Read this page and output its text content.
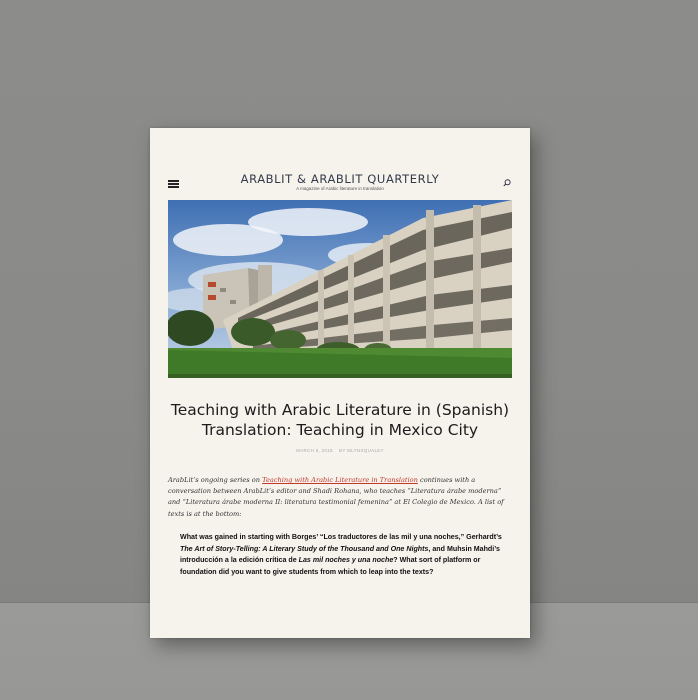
ARABLIT & ARABLIT QUARTERLY
A magazine of Arabic literature in translation
Teaching with Arabic Literature in (Spanish) Translation: Teaching in Mexico City
MARCH 6, 2018 BY MLYNXQUALEY
ArabLit’s ongoing series on Teaching with Arabic Literature in Translation continues with a conversation between ArabLit’s editor and Shadi Rohana, who teaches “Literatura árabe moderna” and “Literatura árabe moderna II: literatura testimonial femenina” at El Colegio de Mexico. A list of texts is at the bottom:
What was gained in starting with Borges’ “Los traductores de las mil y una noches,” Gerhardt’s The Art of Story-Telling: A Literary Study of the Thousand and One Nights, and Muhsin Mahdi’s introducción a la edición crítica de Las mil noches y una noche? What sort of platform or foundation did you want to give students from which to leap into the texts?
